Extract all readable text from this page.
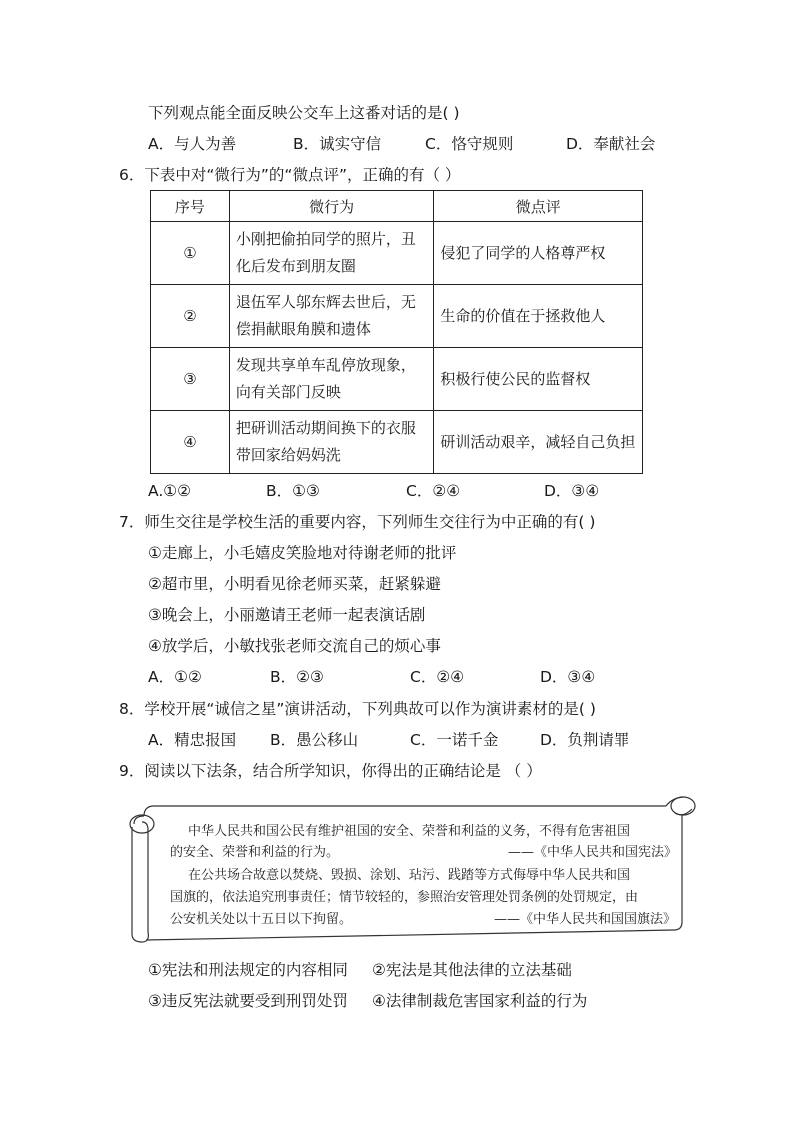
下列观点能全面反映公交车上这番对话的是( )
A．与人为善	B．诚实守信	C．恪守规则	D．奉献社会
6．下表中对“微行为”的“微点评”，正确的有（ ）
序号	微行为	微点评
①	小刚把偷拍同学的照片，丑化后发布到朋友圈	侵犯了同学的人格尊严权
②	退伍军人邬东辉去世后，无偿捐献眼角膜和遗体	生命的价值在于拯救他人
③	发现共享单车乱停放现象，向有关部门反映	积极行使公民的监督权
④	把研训活动期间换下的衣服带回家给妈妈洗	研训活动艰辛，减轻自己负担
A.①②	B．①③	C．②④	D．③④
7．师生交往是学校生活的重要内容，下列师生交往行为中正确的有( )
①走廊上，小毛嬉皮笑脸地对待谢老师的批评
②超市里，小明看见徐老师买菜，赶紧躲避
③晚会上，小丽邀请王老师一起表演话剧
④放学后，小敏找张老师交流自己的烦心事
A．①②	B．②③	C．②④	D．③④
8．学校开展“诚信之星”演讲活动，下列典故可以作为演讲素材的是( )
A．精忠报国 B．愚公移山	C．一诺千金	D．负荆请罪
9．阅读以下法条，结合所学知识，你得出的正确结论是 （ ）
中华人民共和国公民有维护祖国的安全、荣誉和利益的义务，不得有危害祖国
的安全、荣誉和利益的行为。	——《中华人民共和国宪法》
在公共场合故意以焚烧、毁损、涂划、玷污、践踏等方式侮辱中华人民共和国
国旗的，依法追究刑事责任；情节较轻的，参照治安管理处罚条例的处罚规定，由
公安机关处以十五日以下拘留。	——《中华人民共和国国旗法》
①宪法和刑法规定的内容相同 ②宪法是其他法律的立法基础
③违反宪法就要受到刑罚处罚 ④法律制裁危害国家利益的行为
